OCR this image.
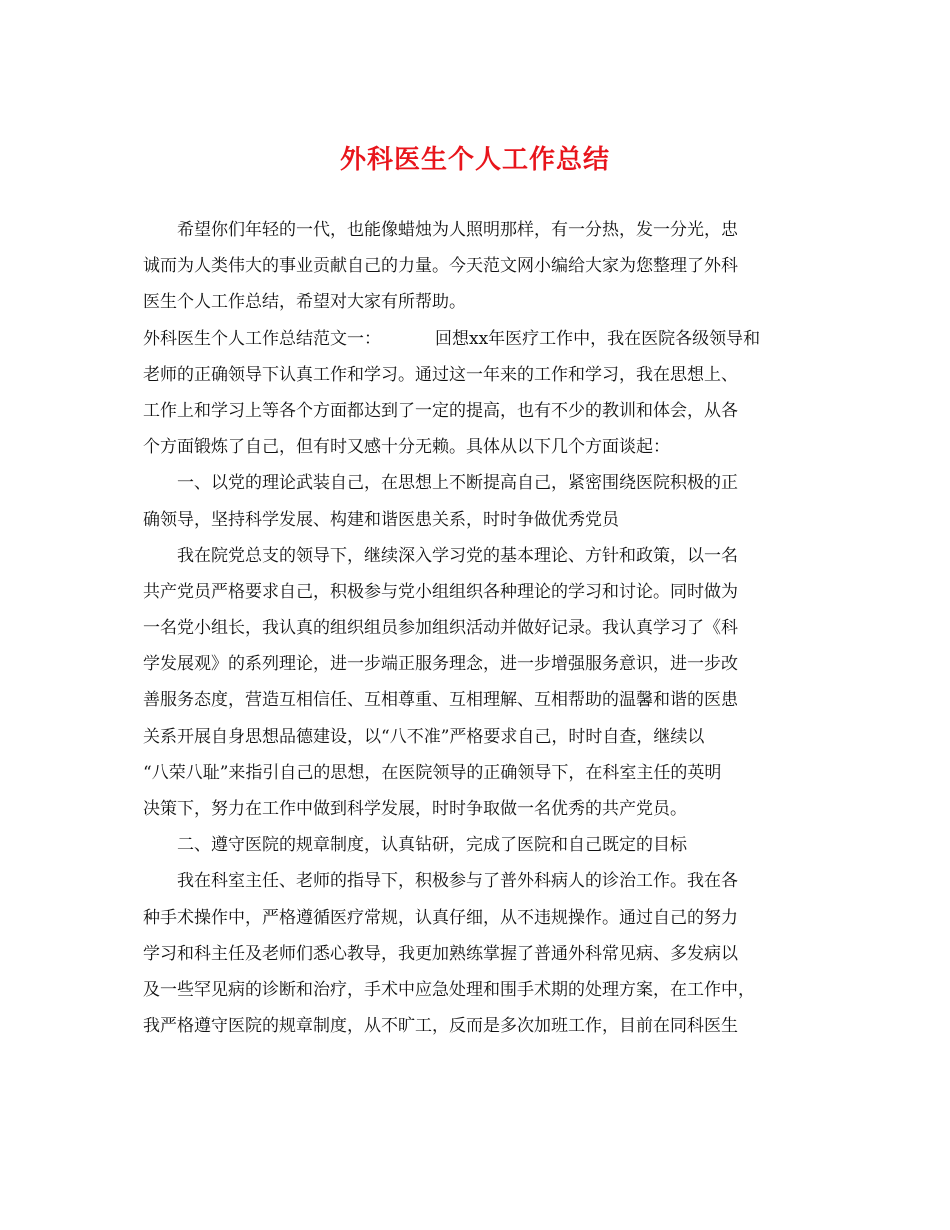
外科医生个人工作总结
希望你们年轻的一代，也能像蜡烛为人照明那样，有一分热，发一分光，忠
诚而为人类伟大的事业贡献自己的力量。今天范文网小编给大家为您整理了外科
医生个人工作总结，希望对大家有所帮助。
外科医生个人工作总结范文一：	回想xx年医疗工作中，我在医院各级领导和
老师的正确领导下认真工作和学习。通过这一年来的工作和学习，我在思想上、
工作上和学习上等各个方面都达到了一定的提高，也有不少的教训和体会，从各
个方面锻炼了自己，但有时又感十分无赖。具体从以下几个方面谈起：
一、以党的理论武装自己，在思想上不断提高自己，紧密围绕医院积极的正
确领导，坚持科学发展、构建和谐医患关系，时时争做优秀党员
我在院党总支的领导下，继续深入学习党的基本理论、方针和政策，以一名
共产党员严格要求自己，积极参与党小组组织各种理论的学习和讨论。同时做为
一名党小组长，我认真的组织组员参加组织活动并做好记录。我认真学习了《科
学发展观》的系列理论，进一步端正服务理念，进一步增强服务意识，进一步改
善服务态度，营造互相信任、互相尊重、互相理解、互相帮助的温馨和谐的医患
关系开展自身思想品德建设，以“八不准”严格要求自己，时时自查，继续以
“八荣八耻”来指引自己的思想，在医院领导的正确领导下，在科室主任的英明
决策下，努力在工作中做到科学发展，时时争取做一名优秀的共产党员。
二、遵守医院的规章制度，认真钻研，完成了医院和自己既定的目标
我在科室主任、老师的指导下，积极参与了普外科病人的诊治工作。我在各
种手术操作中，严格遵循医疗常规，认真仔细，从不违规操作。通过自己的努力
学习和科主任及老师们悉心教导，我更加熟练掌握了普通外科常见病、多发病以
及一些罕见病的诊断和治疗，手术中应急处理和围手术期的处理方案，在工作中，
我严格遵守医院的规章制度，从不旷工，反而是多次加班工作，目前在同科医生
